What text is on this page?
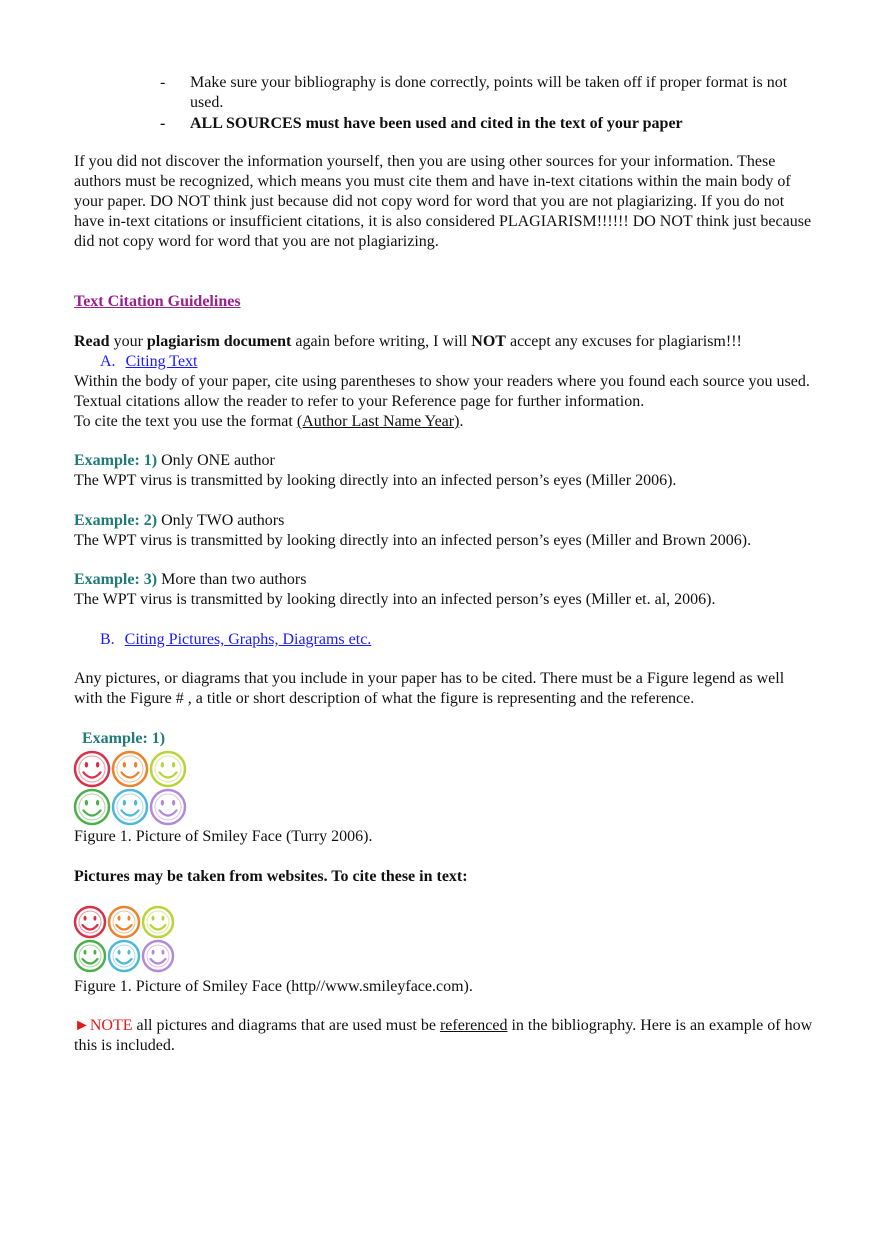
- Make sure your bibliography is done correctly, points will be taken off if proper format is not used.
- ALL SOURCES must have been used and cited in the text of your paper

If you did not discover the information yourself, then you are using other sources for your information. These authors must be recognized, which means you must cite them and have in-text citations within the main body of your paper. DO NOT think just because did not copy word for word that you are not plagiarizing. If you do not have in-text citations or insufficient citations, it is also considered PLAGIARISM!!!!!! DO NOT think just because did not copy word for word that you are not plagiarizing.

Text Citation Guidelines
Read your plagiarism document again before writing, I will NOT accept any excuses for plagiarism!!!
A. Citing Text

Within the body of your paper, cite using parentheses to show your readers where you found each source you used. Textual citations allow the reader to refer to your Reference page for further information.

To cite the text you use the format (Author Last Name Year).
Example: 1) Only ONE author
The WPT virus is transmitted by looking directly into an infected person’s eyes (Miller 2006).
Example: 2) Only TWO authors
The WPT virus is transmitted by looking directly into an infected person’s eyes (Miller and Brown 2006).
Example: 3) More than two authors
The WPT virus is transmitted by looking directly into an infected person’s eyes (Miller et. al, 2006).
B. Citing Pictures, Graphs, Diagrams etc.

Any pictures, or diagrams that you include in your paper has to be cited. There must be a Figure legend as well with the Figure # , a title or short description of what the figure is representing and the reference.

Example: 1)
Figure 1. Picture of Smiley Face (Turry 2006).
Pictures may be taken from websites. To cite these in text:
Figure 1. Picture of Smiley Face (http//www.smileyface.com).
►NOTE all pictures and diagrams that are used must be referenced in the bibliography. Here is an example of how this is included.
